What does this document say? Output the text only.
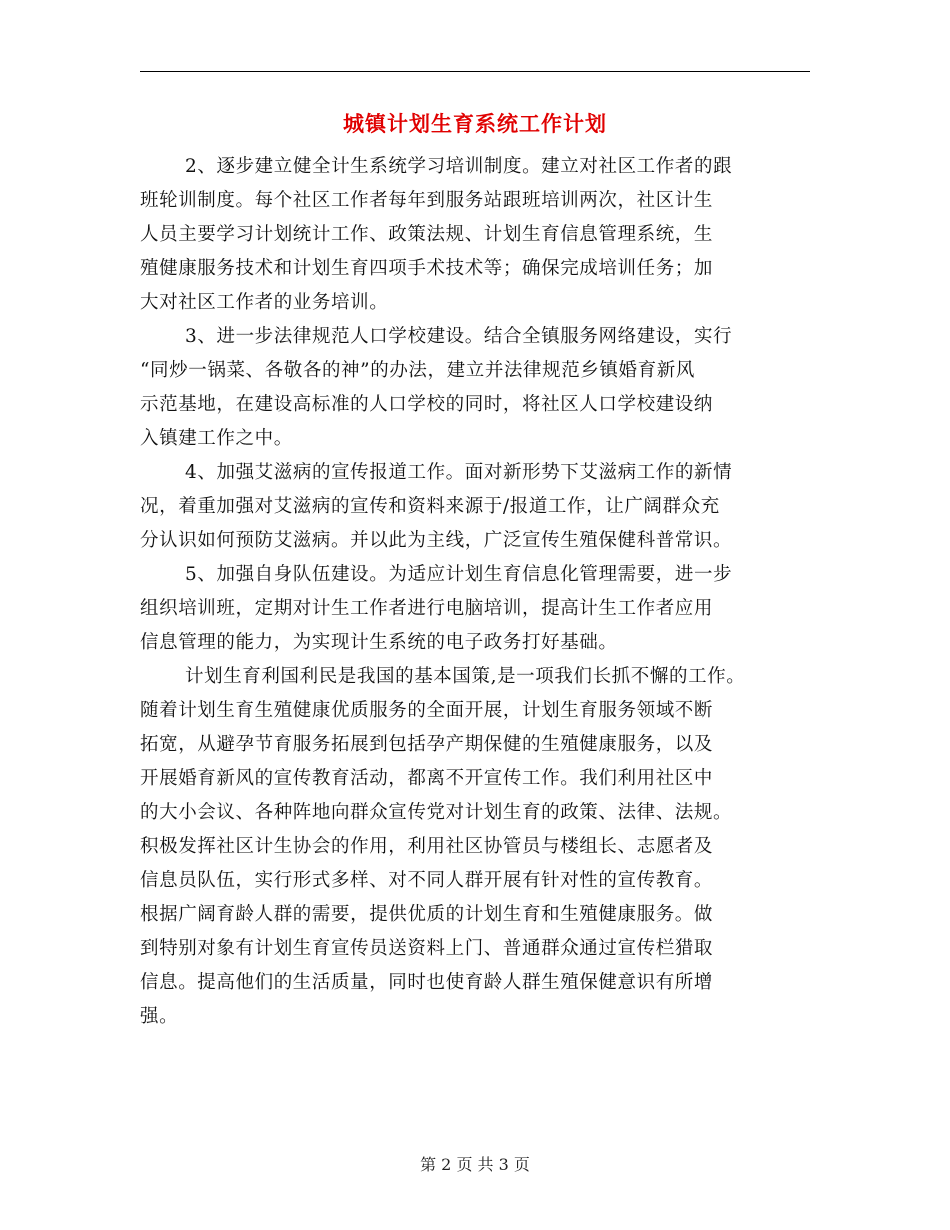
城镇计划生育系统工作计划
2、逐步建立健全计生系统学习培训制度。建立对社区工作者的跟
班轮训制度。每个社区工作者每年到服务站跟班培训两次，社区计生
人员主要学习计划统计工作、政策法规、计划生育信息管理系统，生
殖健康服务技术和计划生育四项手术技术等；确保完成培训任务；加
大对社区工作者的业务培训。
3、进一步法律规范人口学校建设。结合全镇服务网络建设，实行
“同炒一锅菜、各敬各的神”的办法，建立并法律规范乡镇婚育新风
示范基地，在建设高标准的人口学校的同时，将社区人口学校建设纳
入镇建工作之中。
4、加强艾滋病的宣传报道工作。面对新形势下艾滋病工作的新情
况，着重加强对艾滋病的宣传和资料来源于/报道工作，让广阔群众充
分认识如何预防艾滋病。并以此为主线，广泛宣传生殖保健科普常识。
5、加强自身队伍建设。为适应计划生育信息化管理需要，进一步
组织培训班，定期对计生工作者进行电脑培训，提高计生工作者应用
信息管理的能力，为实现计生系统的电子政务打好基础。
计划生育利国利民是我国的基本国策,是一项我们长抓不懈的工作。
随着计划生育生殖健康优质服务的全面开展，计划生育服务领域不断
拓宽，从避孕节育服务拓展到包括孕产期保健的生殖健康服务，以及
开展婚育新风的宣传教育活动，都离不开宣传工作。我们利用社区中
的大小会议、各种阵地向群众宣传党对计划生育的政策、法律、法规。
积极发挥社区计生协会的作用，利用社区协管员与楼组长、志愿者及
信息员队伍，实行形式多样、对不同人群开展有针对性的宣传教育。
根据广阔育龄人群的需要，提供优质的计划生育和生殖健康服务。做
到特别对象有计划生育宣传员送资料上门、普通群众通过宣传栏猎取
信息。提高他们的生活质量，同时也使育龄人群生殖保健意识有所增
强。
第 2 页 共 3 页
